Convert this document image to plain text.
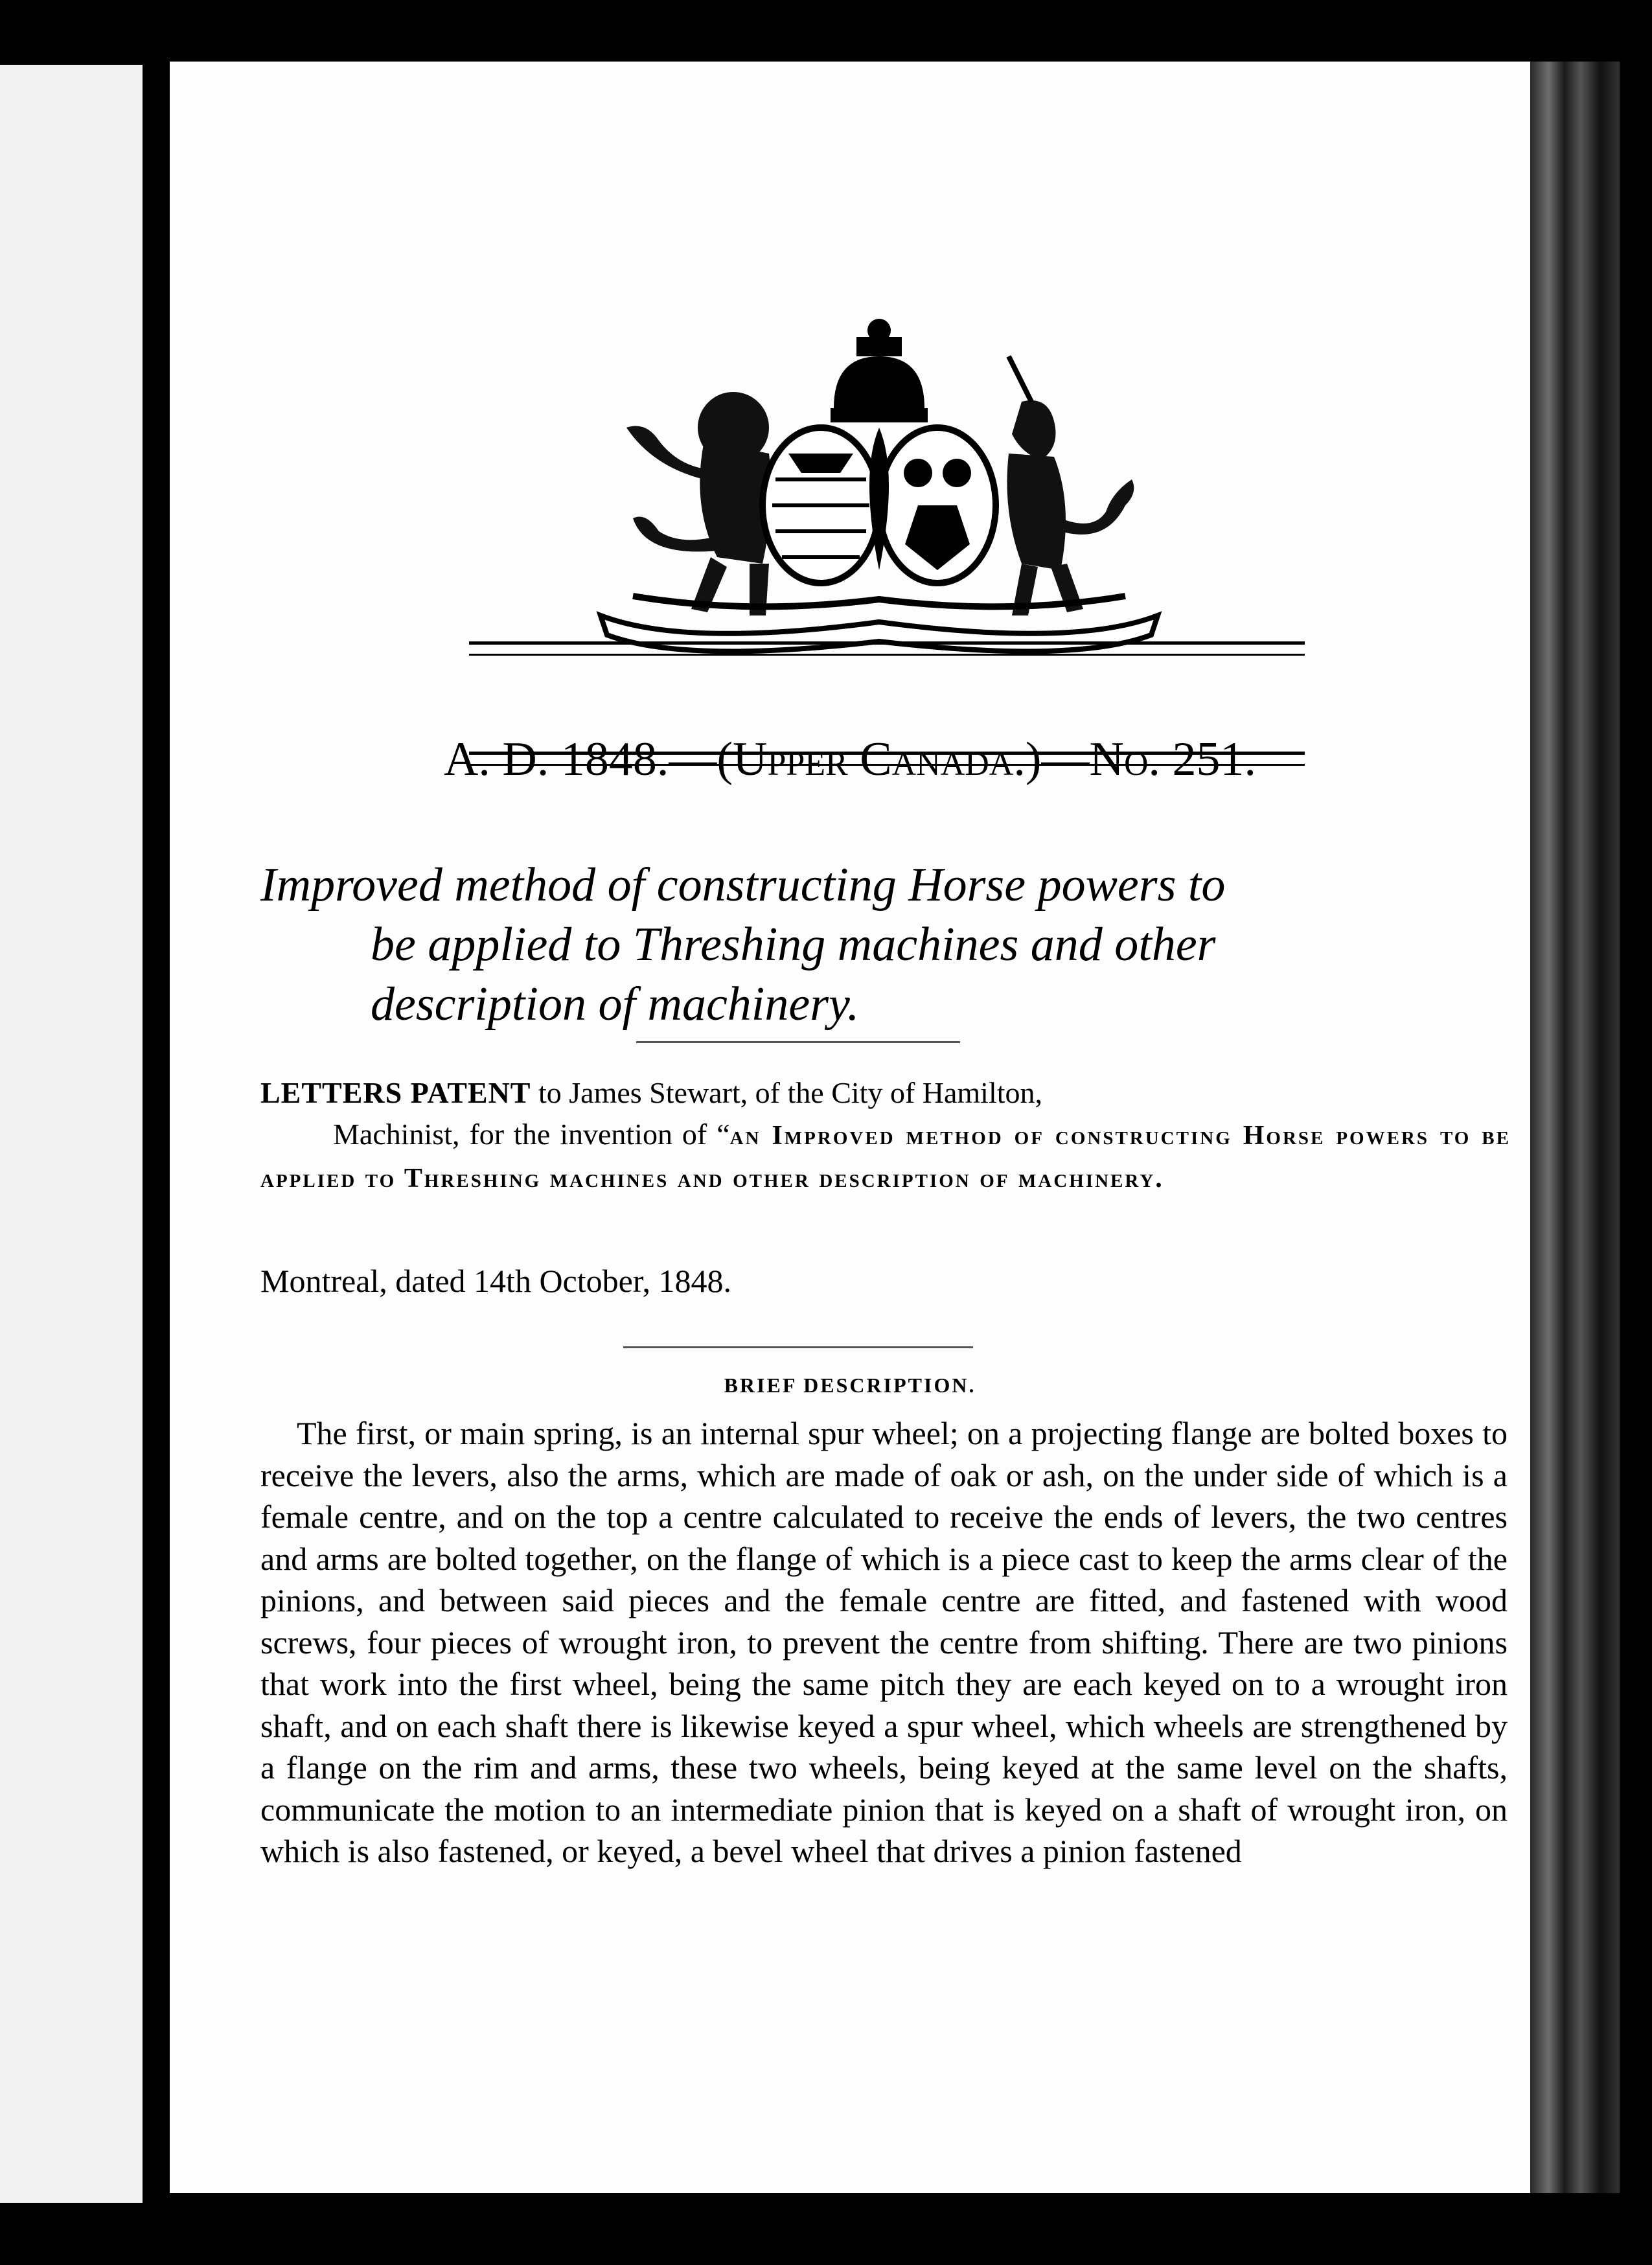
A. D. 1848.—(Upper Canada.)—No. 251.
Improved method of constructing Horse powers to
be applied to Threshing machines and other
description of machinery.
LETTERS PATENT to James Stewart, of the City of Hamilton,
Machinist, for the invention of “an Improved method of constructing Horse powers to be applied to Threshing machines and other description of machinery.
Montreal, dated 14th October, 1848.
BRIEF DESCRIPTION.
The first, or main spring, is an internal spur wheel; on a projecting flange are bolted boxes to receive the levers, also the arms, which are made of oak or ash, on the under side of which is a female centre, and on the top a centre calculated to receive the ends of levers, the two centres and arms are bolted together, on the flange of which is a piece cast to keep the arms clear of the pinions, and between said pieces and the female centre are fitted, and fastened with wood screws, four pieces of wrought iron, to prevent the centre from shifting. There are two pinions that work into the first wheel, being the same pitch they are each keyed on to a wrought iron shaft, and on each shaft there is likewise keyed a spur wheel, which wheels are strengthened by a flange on the rim and arms, these two wheels, being keyed at the same level on the shafts, communicate the motion to an intermediate pinion that is keyed on a shaft of wrought iron, on which is also fastened, or keyed, a bevel wheel that drives a pinion fastened
